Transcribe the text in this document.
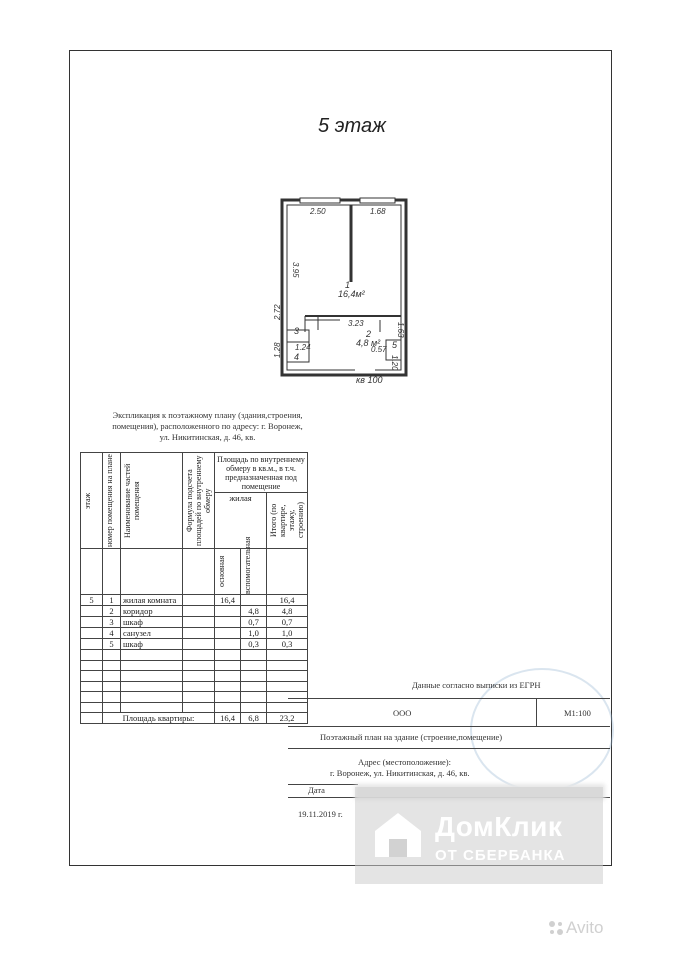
5 этаж
2.50	1.68
3.95
2.72
3.23	1.63
1.24
1.28	0.57
1.20
1
16,4м²
2
4,8 м²
3
4
5
кв 100
Экспликация к поэтажному плану (здания,строения, помещения), расположенного по адресу: г. Воронеж, ул. Никитинская, д. 46, кв.
этаж	номер помещения на плане	Наименование частей помещения	Формула подсчета площадей по внутреннему обмеру	Площадь по внутреннему обмеру в кв.м., в т.ч. предназначенная под помещение		
				жилая		Итого (по квартире, этажу, строению)

				основная	вспомогательная	

5	1	жилая комната		16,4		16,4
	2	коридор			4,8	4,8
	3	шкаф			0,7	0,7
	4	санузел			1,0	1,0
	5	шкаф			0,3	0,3

	Площадь квартиры:			16,4	6,8	23,2
Данные согласно выписки из ЕГРН
ООО	М1:100
Поэтажный план на здание (строение,помещение)
Адрес (местоположение):
г. Воронеж, ул. Никитинская, д. 46, кв.
Дата
19.11.2019 г.	ДомКлик
ОТ СБЕРБАНКА
Avito
